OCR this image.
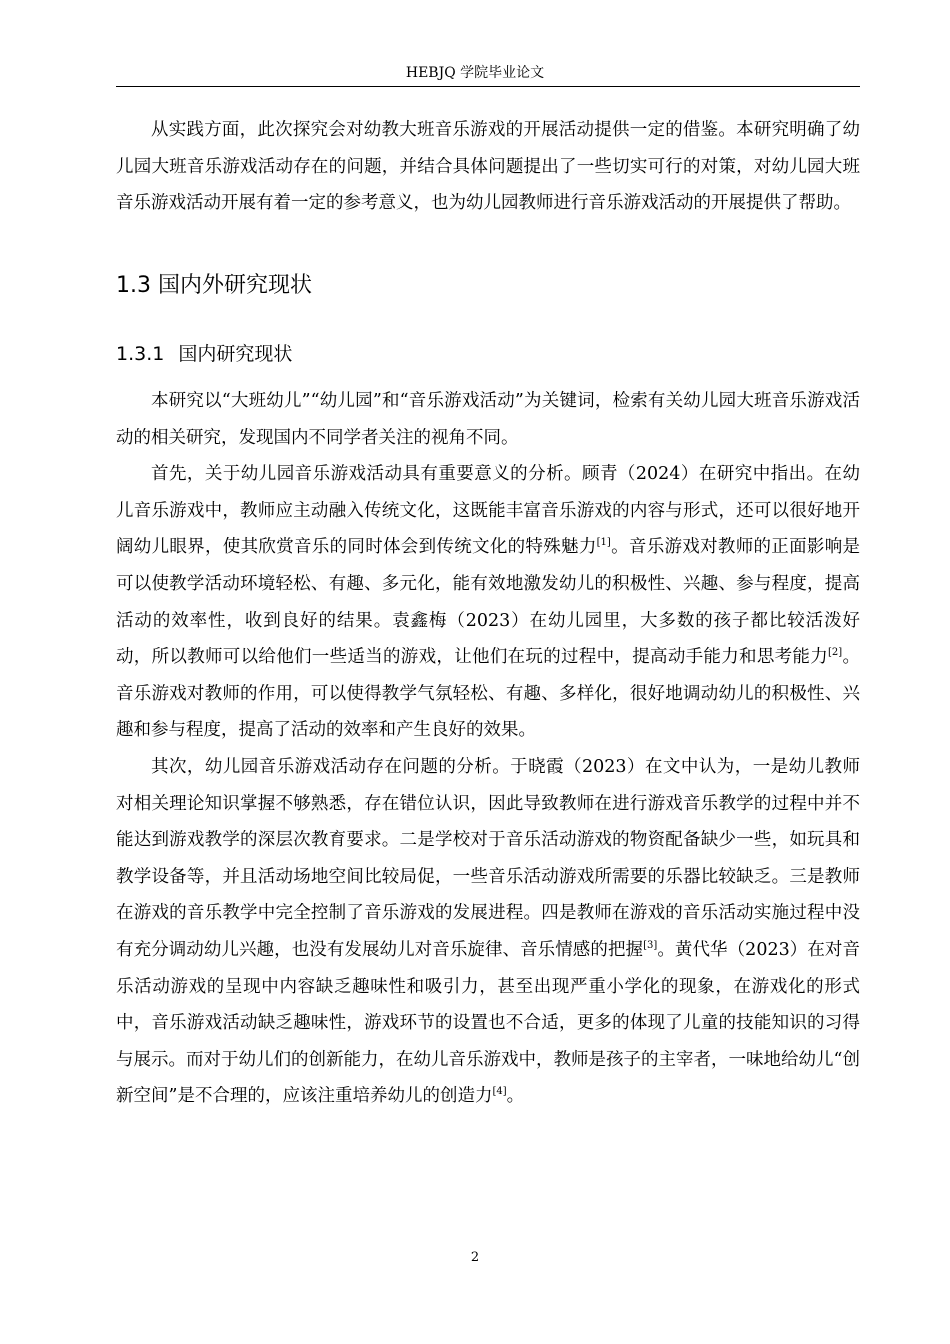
HEBJQ 学院毕业论文

从实践方面，此次探究会对幼教大班音乐游戏的开展活动提供一定的借鉴。本研究明确了幼儿园大班音乐游戏活动存在的问题，并结合具体问题提出了一些切实可行的对策，对幼儿园大班音乐游戏活动开展有着一定的参考意义，也为幼儿园教师进行音乐游戏活动的开展提供了帮助。

1.3 国内外研究现状
1.3.1 国内研究现状

本研究以“大班幼儿”“幼儿园”和“音乐游戏活动”为关键词，检索有关幼儿园大班音乐游戏活动的相关研究，发现国内不同学者关注的视角不同。

首先，关于幼儿园音乐游戏活动具有重要意义的分析。顾青（2024）在研究中指出。在幼儿音乐游戏中，教师应主动融入传统文化，这既能丰富音乐游戏的内容与形式，还可以很好地开阔幼儿眼界，使其欣赏音乐的同时体会到传统文化的特殊魅力[1]。音乐游戏对教师的正面影响是可以使教学活动环境轻松、有趣、多元化，能有效地激发幼儿的积极性、兴趣、参与程度，提高活动的效率性，收到良好的结果。袁鑫梅（2023）在幼儿园里，大多数的孩子都比较活泼好动，所以教师可以给他们一些适当的游戏，让他们在玩的过程中，提高动手能力和思考能力[2]。音乐游戏对教师的作用，可以使得教学气氛轻松、有趣、多样化，很好地调动幼儿的积极性、兴趣和参与程度，提高了活动的效率和产生良好的效果。

其次，幼儿园音乐游戏活动存在问题的分析。于晓霞（2023）在文中认为，一是幼儿教师对相关理论知识掌握不够熟悉，存在错位认识，因此导致教师在进行游戏音乐教学的过程中并不能达到游戏教学的深层次教育要求。二是学校对于音乐活动游戏的物资配备缺少一些，如玩具和教学设备等，并且活动场地空间比较局促，一些音乐活动游戏所需要的乐器比较缺乏。三是教师在游戏的音乐教学中完全控制了音乐游戏的发展进程。四是教师在游戏的音乐活动实施过程中没有充分调动幼儿兴趣，也没有发展幼儿对音乐旋律、音乐情感的把握[3]。黄代华（2023）在对音乐活动游戏的呈现中内容缺乏趣味性和吸引力，甚至出现严重小学化的现象，在游戏化的形式中，音乐游戏活动缺乏趣味性，游戏环节的设置也不合适，更多的体现了儿童的技能知识的习得与展示。而对于幼儿们的创新能力，在幼儿音乐游戏中，教师是孩子的主宰者，一味地给幼儿“创新空间”是不合理的，应该注重培养幼儿的创造力[4]。

2
